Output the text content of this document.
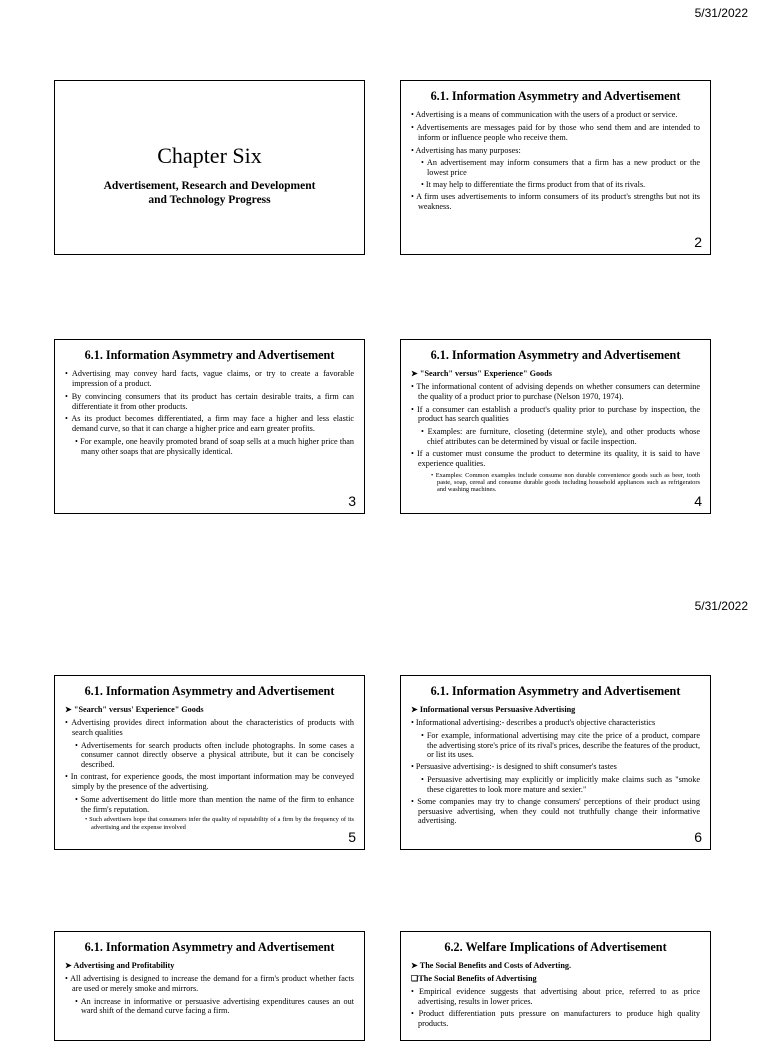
5/31/2022
5/31/2022
Chapter Six
Advertisement, Research and Development
and Technology Progress
6.1. Information Asymmetry and Advertisement

• Advertising is a means of communication with the users of a product or service.

• Advertisements are messages paid for by those who send them and are intended to inform or influence people who receive them.

• Advertising has many purposes:

• An advertisement may inform consumers that a firm has a new product or the lowest price

• It may help to differentiate the firms product from that of its rivals.

• A firm uses advertisements to inform consumers of its product's strengths but not its weakness.

2
6.1. Information Asymmetry and Advertisement

• Advertising may convey hard facts, vague claims, or try to create a favorable impression of a product.

• By convincing consumers that its product has certain desirable traits, a firm can differentiate it from other products.

• As its product becomes differentiated, a firm may face a higher and less elastic demand curve, so that it can charge a higher price and earn greater profits.

• For example, one heavily promoted brand of soap sells at a much higher price than many other soaps that are physically identical.

3
6.1. Information Asymmetry and Advertisement

➤ "Search" versus" Experience" Goods

• The informational content of advising depends on whether consumers can determine the quality of a product prior to purchase (Nelson 1970, 1974).

• If a consumer can establish a product's quality prior to purchase by inspection, the product has search qualities

• Examples: are furniture, closeting (determine style), and other products whose chief attributes can be determined by visual or facile inspection.

• If a customer must consume the product to determine its quality, it is said to have experience qualities.

• Examples: Common examples include consume non durable convenience goods such as beer, tooth paste, soap, cereal and consume durable goods including household appliances such as refrigerators and washing machines.

4
6.1. Information Asymmetry and Advertisement

➤ "Search" versus' Experience" Goods

• Advertising provides direct information about the characteristics of products with search qualities

• Advertisements for search products often include photographs. In some cases a consumer cannot directly observe a physical attribute, but it can be concisely described.

• In contrast, for experience goods, the most important information may be conveyed simply by the presence of the advertising.

• Some advertisement do little more than mention the name of the firm to enhance the firm's reputation.

• Such advertisers hope that consumers infer the quality of reputability of a firm by the frequency of its advertising and the expense involved

5
6.1. Information Asymmetry and Advertisement

➤ Informational versus Persuasive Advertising

• Informational advertising:- describes a product's objective characteristics

• For example, informational advertising may cite the price of a product, compare the advertising store's price of its rival's prices, describe the features of the product, or list its uses.

• Persuasive advertising:- is designed to shift consumer's tastes

• Persuasive advertising may explicitly or implicitly make claims such as "smoke these cigarettes to look more mature and sexier."

• Some companies may try to change consumers' perceptions of their product using persuasive advertising, when they could not truthfully change their informative advertising.

6
6.1. Information Asymmetry and Advertisement

➤ Advertising and Profitability

• All advertising is designed to increase the demand for a firm's product whether facts are used or merely smoke and mirrors.

• An increase in informative or persuasive advertising expenditures causes an out ward shift of the demand curve facing a firm.

6.2. Welfare Implications of Advertisement

➤ The Social Benefits and Costs of Adverting.

❑The Social Benefits of Advertising

• Empirical evidence suggests that advertising about price, referred to as price advertising, results in lower prices.

• Product differentiation puts pressure on manufacturers to produce high quality products.
